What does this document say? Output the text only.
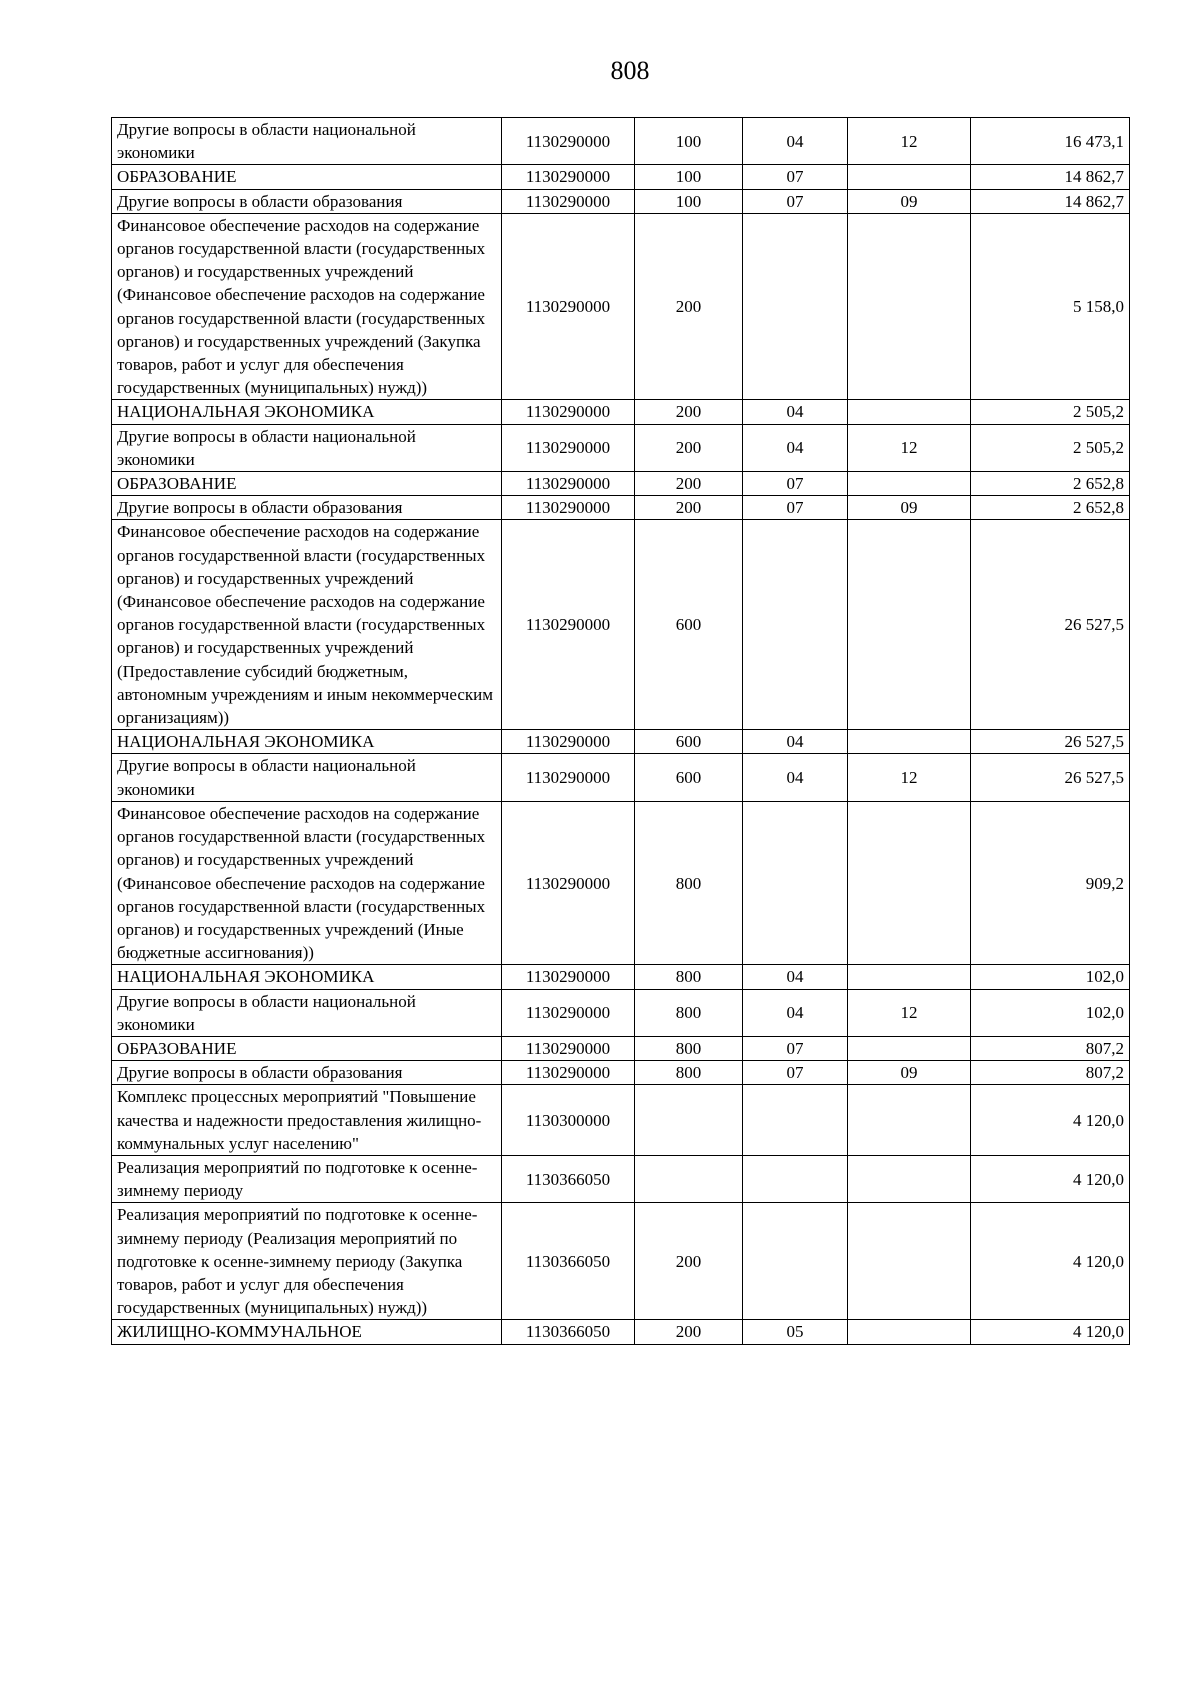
808
Другие вопросы в области национальной экономики	1130290000	100	04	12	16 473,1
ОБРАЗОВАНИЕ	1130290000	100	07		14 862,7
Другие вопросы в области образования	1130290000	100	07	09	14 862,7
Финансовое обеспечение расходов на содержание органов государственной власти (государственных органов) и государственных учреждений (Финансовое обеспечение расходов на содержание органов государственной власти (государственных органов) и государственных учреждений (Закупка товаров, работ и услуг для обеспечения государственных (муниципальных) нужд))	1130290000	200			5 158,0
НАЦИОНАЛЬНАЯ ЭКОНОМИКА	1130290000	200	04		2 505,2
Другие вопросы в области национальной экономики	1130290000	200	04	12	2 505,2
ОБРАЗОВАНИЕ	1130290000	200	07		2 652,8
Другие вопросы в области образования	1130290000	200	07	09	2 652,8
Финансовое обеспечение расходов на содержание органов государственной власти (государственных органов) и государственных учреждений (Финансовое обеспечение расходов на содержание органов государственной власти (государственных органов) и государственных учреждений (Предоставление субсидий бюджетным, автономным учреждениям и иным некоммерческим организациям))	1130290000	600			26 527,5
НАЦИОНАЛЬНАЯ ЭКОНОМИКА	1130290000	600	04		26 527,5
Другие вопросы в области национальной экономики	1130290000	600	04	12	26 527,5
Финансовое обеспечение расходов на содержание органов государственной власти (государственных органов) и государственных учреждений (Финансовое обеспечение расходов на содержание органов государственной власти (государственных органов) и государственных учреждений (Иные бюджетные ассигнования))	1130290000	800			909,2
НАЦИОНАЛЬНАЯ ЭКОНОМИКА	1130290000	800	04		102,0
Другие вопросы в области национальной экономики	1130290000	800	04	12	102,0
ОБРАЗОВАНИЕ	1130290000	800	07		807,2
Другие вопросы в области образования	1130290000	800	07	09	807,2
Комплекс процессных мероприятий "Повышение качества и надежности предоставления жилищно-коммунальных услуг населению"	1130300000				4 120,0
Реализация мероприятий по подготовке к осенне-зимнему периоду	1130366050				4 120,0
Реализация мероприятий по подготовке к осенне-зимнему периоду (Реализация мероприятий по подготовке к осенне-зимнему периоду (Закупка товаров, работ и услуг для обеспечения государственных (муниципальных) нужд))	1130366050	200			4 120,0
ЖИЛИЩНО-КОММУНАЛЬНОЕ	1130366050	200	05		4 120,0
